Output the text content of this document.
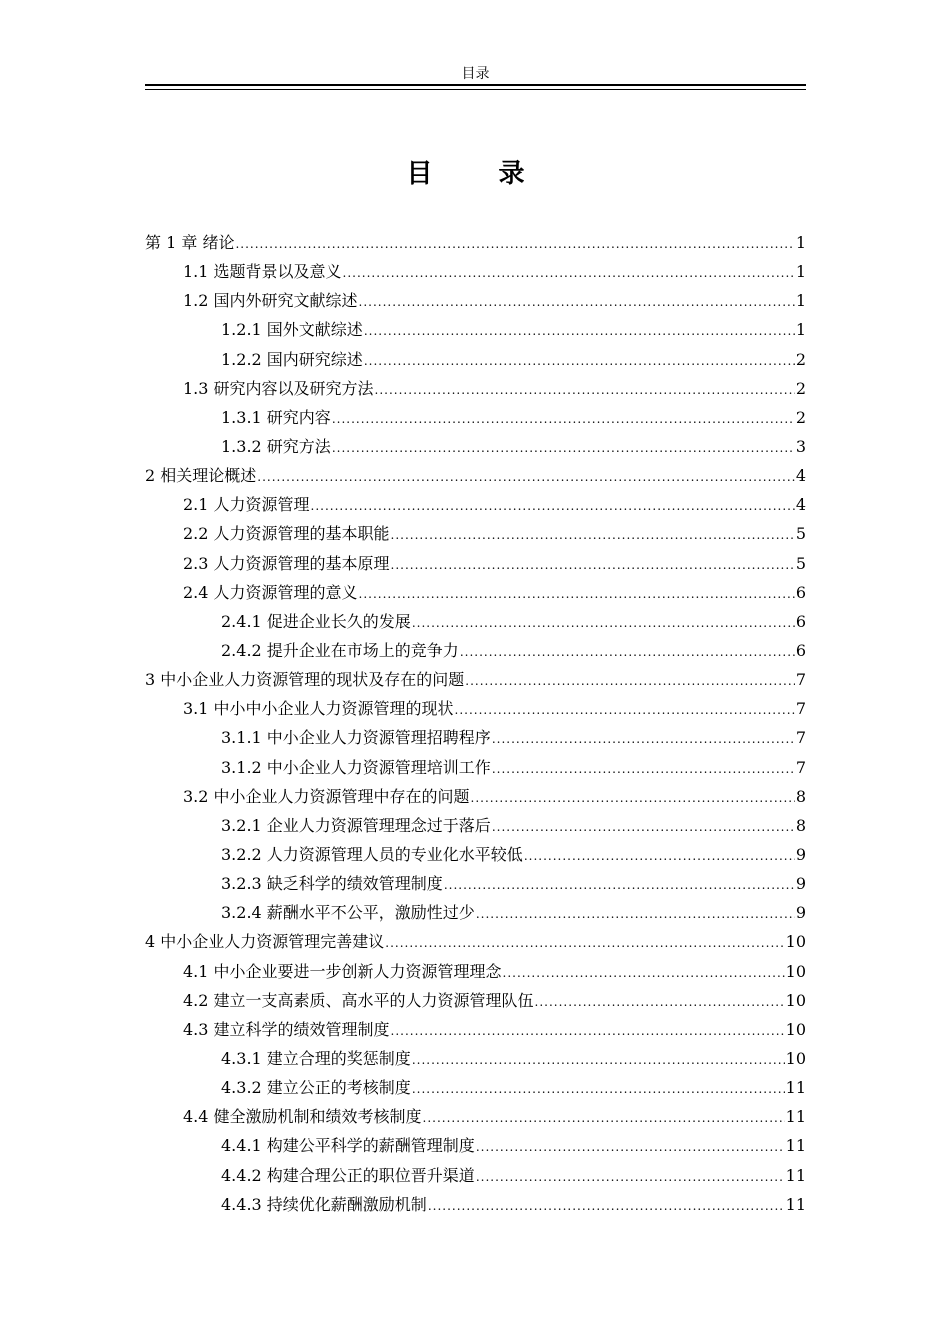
目录
目　录
第 1 章 绪论 .....	1
1.1 选题背景以及意义 .....	1
1.2 国内外研究文献综述 .....	1
1.2.1 国外文献综述 .....	1
1.2.2 国内研究综述 .....	2
1.3 研究内容以及研究方法 .....	2
1.3.1 研究内容 .....	2
1.3.2 研究方法 .....	3
2 相关理论概述 .....	4
2.1 人力资源管理 .....	4
2.2 人力资源管理的基本职能 .....	5
2.3 人力资源管理的基本原理 .....	5
2.4 人力资源管理的意义 .....	6
2.4.1 促进企业长久的发展 .....	6
2.4.2 提升企业在市场上的竞争力 .....	6
3 中小企业人力资源管理的现状及存在的问题 .....	7
3.1 中小中小企业人力资源管理的现状 .....	7
3.1.1 中小企业人力资源管理招聘程序 .....	7
3.1.2 中小企业人力资源管理培训工作 .....	7
3.2 中小企业人力资源管理中存在的问题 .....	8
3.2.1 企业人力资源管理理念过于落后 .....	8
3.2.2 人力资源管理人员的专业化水平较低 .....	9
3.2.3 缺乏科学的绩效管理制度 .....	9
3.2.4 薪酬水平不公平，激励性过少 .....	9
4 中小企业人力资源管理完善建议 .....	10
4.1 中小企业要进一步创新人力资源管理理念 .....	10
4.2 建立一支高素质、高水平的人力资源管理队伍 .....	10
4.3 建立科学的绩效管理制度 .....	10
4.3.1 建立合理的奖惩制度 .....	10
4.3.2 建立公正的考核制度 .....	11
4.4 健全激励机制和绩效考核制度 .....	11
4.4.1 构建公平科学的薪酬管理制度 .....	11
4.4.2 构建合理公正的职位晋升渠道 .....	11
4.4.3 持续优化薪酬激励机制 .....	11
